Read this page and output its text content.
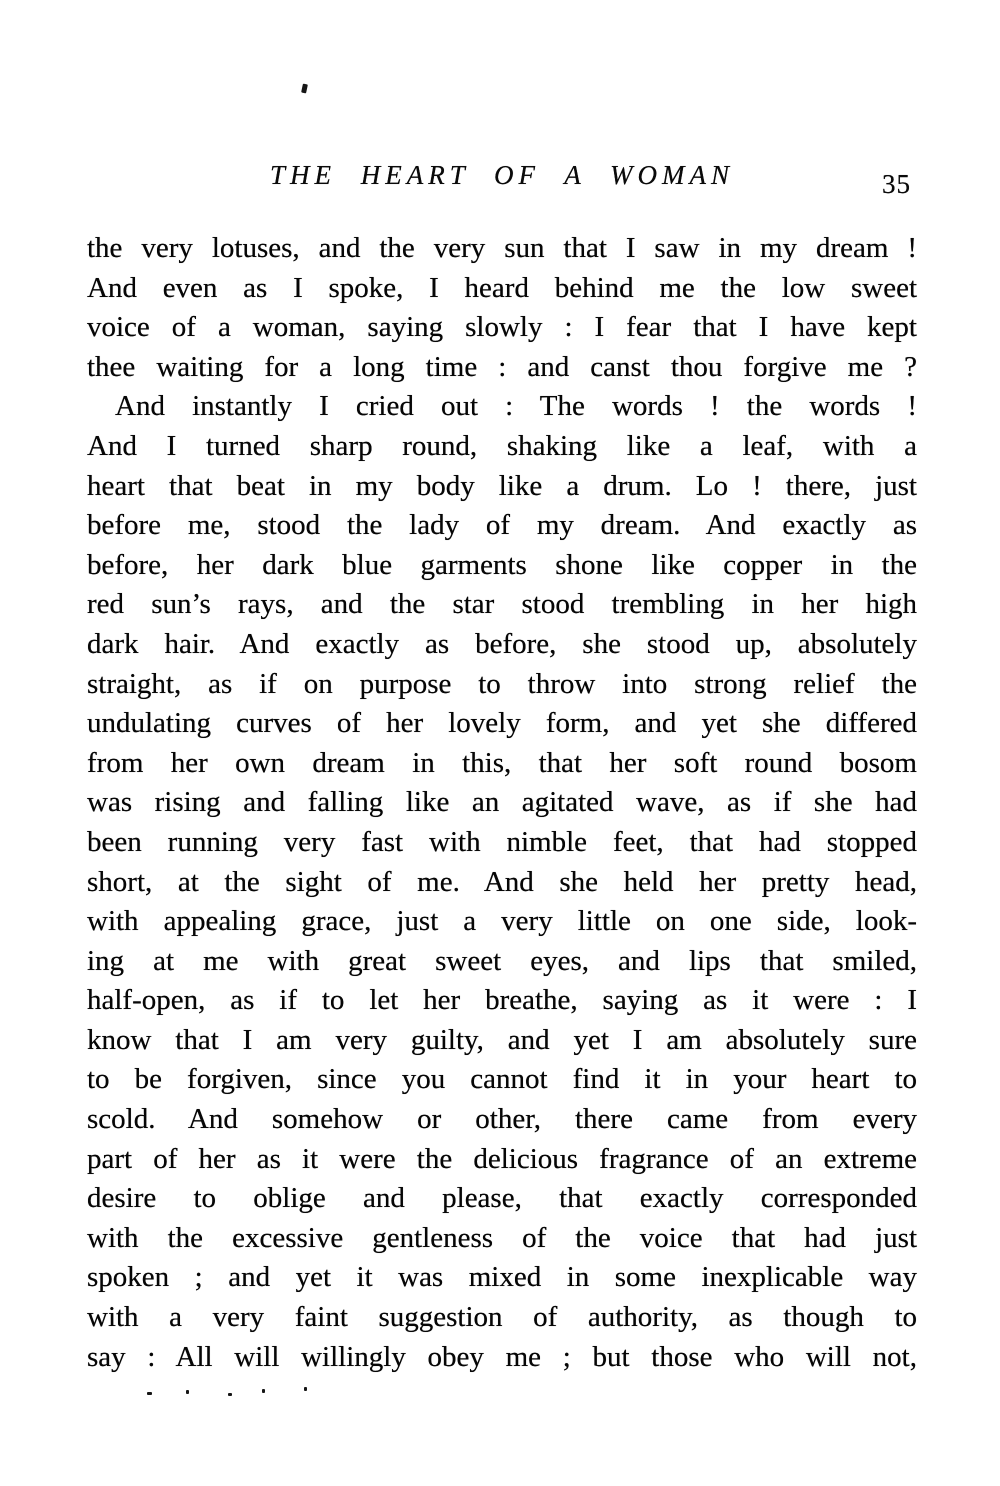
THE HEART OF A WOMAN	35
the very lotuses, and the very sun that I saw in my dream !
And even as I spoke, I heard behind me the low sweet
voice of a woman, saying slowly : I fear that I have kept
thee waiting for a long time : and canst thou forgive me ?
And instantly I cried out : The words ! the words !
And I turned sharp round, shaking like a leaf, with a
heart that beat in my body like a drum. Lo ! there, just
before me, stood the lady of my dream. And exactly as
before, her dark blue garments shone like copper in the
red sun’s rays, and the star stood trembling in her high
dark hair. And exactly as before, she stood up, absolutely
straight, as if on purpose to throw into strong relief the
undulating curves of her lovely form, and yet she differed
from her own dream in this, that her soft round bosom
was rising and falling like an agitated wave, as if she had
been running very fast with nimble feet, that had stopped
short, at the sight of me. And she held her pretty head,
with appealing grace, just a very little on one side, look-
ing at me with great sweet eyes, and lips that smiled,
half-open, as if to let her breathe, saying as it were : I
know that I am very guilty, and yet I am absolutely sure
to be forgiven, since you cannot find it in your heart to
scold. And somehow or other, there came from every
part of her as it were the delicious fragrance of an extreme
desire to oblige and please, that exactly corresponded
with the excessive gentleness of the voice that had just
spoken ; and yet it was mixed in some inexplicable way
with a very faint suggestion of authority, as though to
say : All will willingly obey me ; but those who will not,
